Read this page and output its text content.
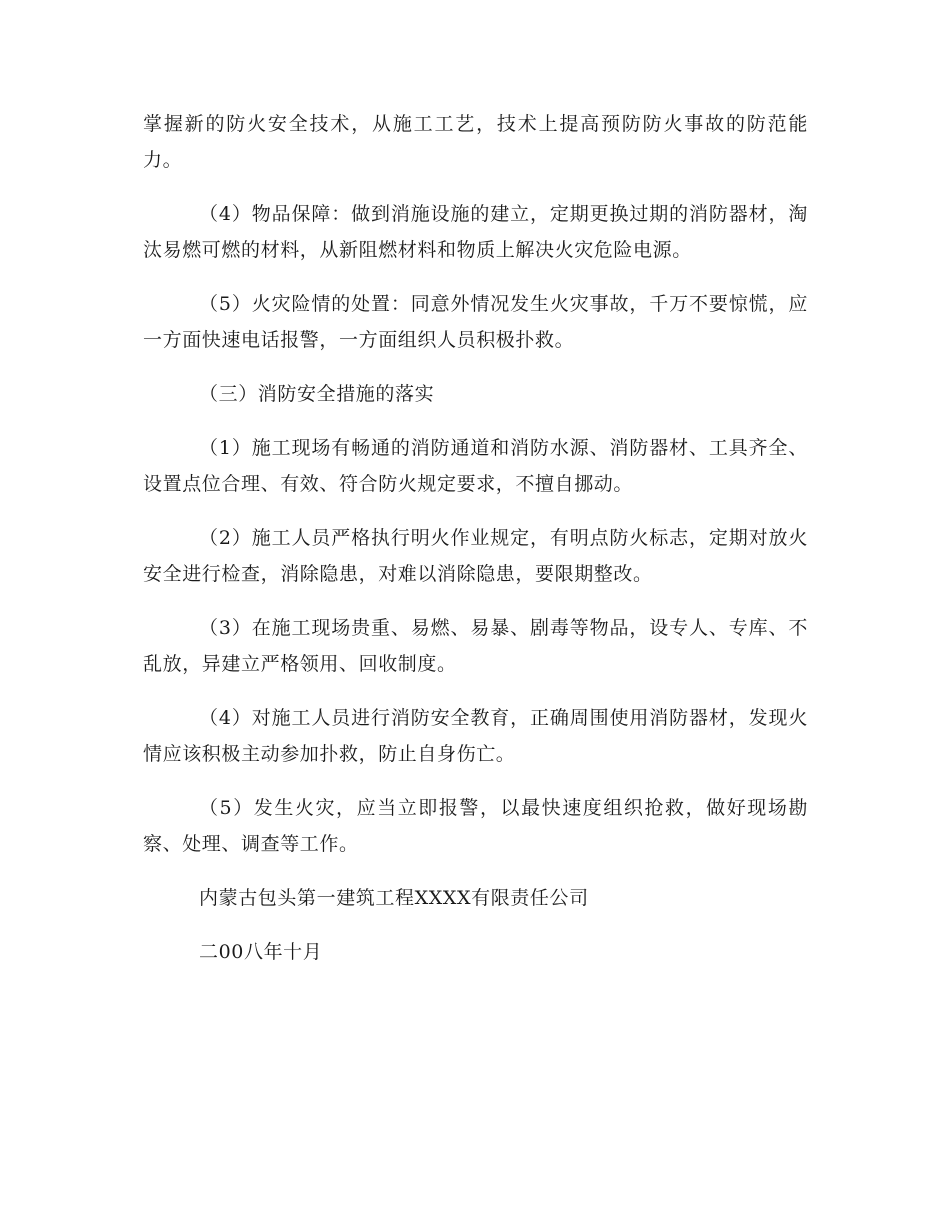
掌握新的防火安全技术，从施工工艺，技术上提高预防防火事故的防范能力。

（4）物品保障：做到消施设施的建立，定期更换过期的消防器材，淘汰易燃可燃的材料，从新阻燃材料和物质上解决火灾危险电源。

（5）火灾险情的处置：同意外情况发生火灾事故，千万不要惊慌，应一方面快速电话报警，一方面组织人员积极扑救。

（三）消防安全措施的落实

（1）施工现场有畅通的消防通道和消防水源、消防器材、工具齐全、设置点位合理、有效、符合防火规定要求，不擅自挪动。

（2）施工人员严格执行明火作业规定，有明点防火标志，定期对放火安全进行检查，消除隐患，对难以消除隐患，要限期整改。

（3）在施工现场贵重、易燃、易暴、剧毒等物品，设专人、专库、不乱放，异建立严格领用、回收制度。

（4）对施工人员进行消防安全教育，正确周围使用消防器材，发现火情应该积极主动参加扑救，防止自身伤亡。

（5）发生火灾，应当立即报警，以最快速度组织抢救，做好现场勘察、处理、调查等工作。

内蒙古包头第一建筑工程XXXX有限责任公司
二00八年十月
